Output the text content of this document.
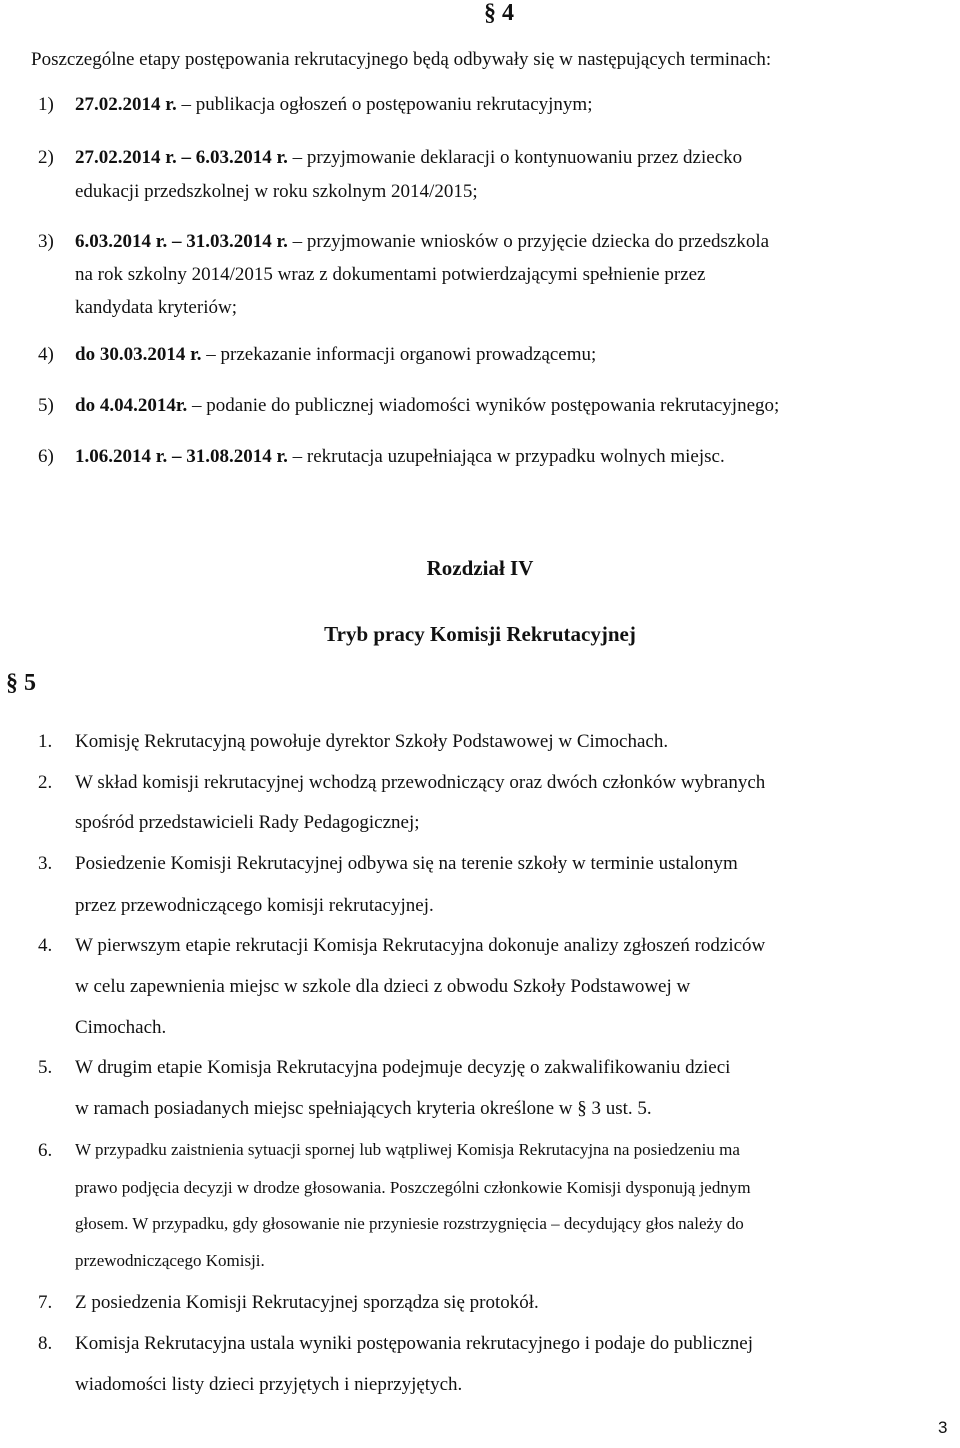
§ 4
Poszczególne etapy postępowania rekrutacyjnego będą odbywały się w następujących terminach:
1) 27.02.2014 r. – publikacja ogłoszeń o postępowaniu rekrutacyjnym;
2) 27.02.2014 r. – 6.03.2014 r. – przyjmowanie deklaracji o kontynuowaniu przez dziecko
edukacji przedszkolnej w roku szkolnym 2014/2015;
3) 6.03.2014 r. – 31.03.2014 r. – przyjmowanie wniosków o przyjęcie dziecka do przedszkola
na rok szkolny 2014/2015 wraz z dokumentami potwierdzającymi spełnienie przez
kandydata kryteriów;
4) do 30.03.2014 r. – przekazanie informacji organowi prowadzącemu;
5) do 4.04.2014r. – podanie do publicznej wiadomości wyników postępowania rekrutacyjnego;
6) 1.06.2014 r. – 31.08.2014 r. – rekrutacja uzupełniająca w przypadku wolnych miejsc.
Rozdział IV
Tryb pracy Komisji Rekrutacyjnej
§ 5
1. Komisję Rekrutacyjną powołuje dyrektor Szkoły Podstawowej w Cimochach.
2. W skład komisji rekrutacyjnej wchodzą przewodniczący oraz dwóch członków wybranych
spośród przedstawicieli Rady Pedagogicznej;
3. Posiedzenie Komisji Rekrutacyjnej odbywa się na terenie szkoły w terminie ustalonym
przez przewodniczącego komisji rekrutacyjnej.
4. W pierwszym etapie rekrutacji Komisja Rekrutacyjna dokonuje analizy zgłoszeń rodziców
w celu zapewnienia miejsc w szkole dla dzieci z obwodu Szkoły Podstawowej w
Cimochach.
5. W drugim etapie Komisja Rekrutacyjna podejmuje decyzję o zakwalifikowaniu dzieci
w ramach posiadanych miejsc spełniających kryteria określone w § 3 ust. 5.
6. W przypadku zaistnienia sytuacji spornej lub wątpliwej Komisja Rekrutacyjna na posiedzeniu ma
prawo podjęcia decyzji w drodze głosowania. Poszczególni członkowie Komisji dysponują jednym
głosem. W przypadku, gdy głosowanie nie przyniesie rozstrzygnięcia – decydujący głos należy do
przewodniczącego Komisji.
7. Z posiedzenia Komisji Rekrutacyjnej sporządza się protokół.
8. Komisja Rekrutacyjna ustala wyniki postępowania rekrutacyjnego i podaje do publicznej
wiadomości listy dzieci przyjętych i nieprzyjętych.
3
